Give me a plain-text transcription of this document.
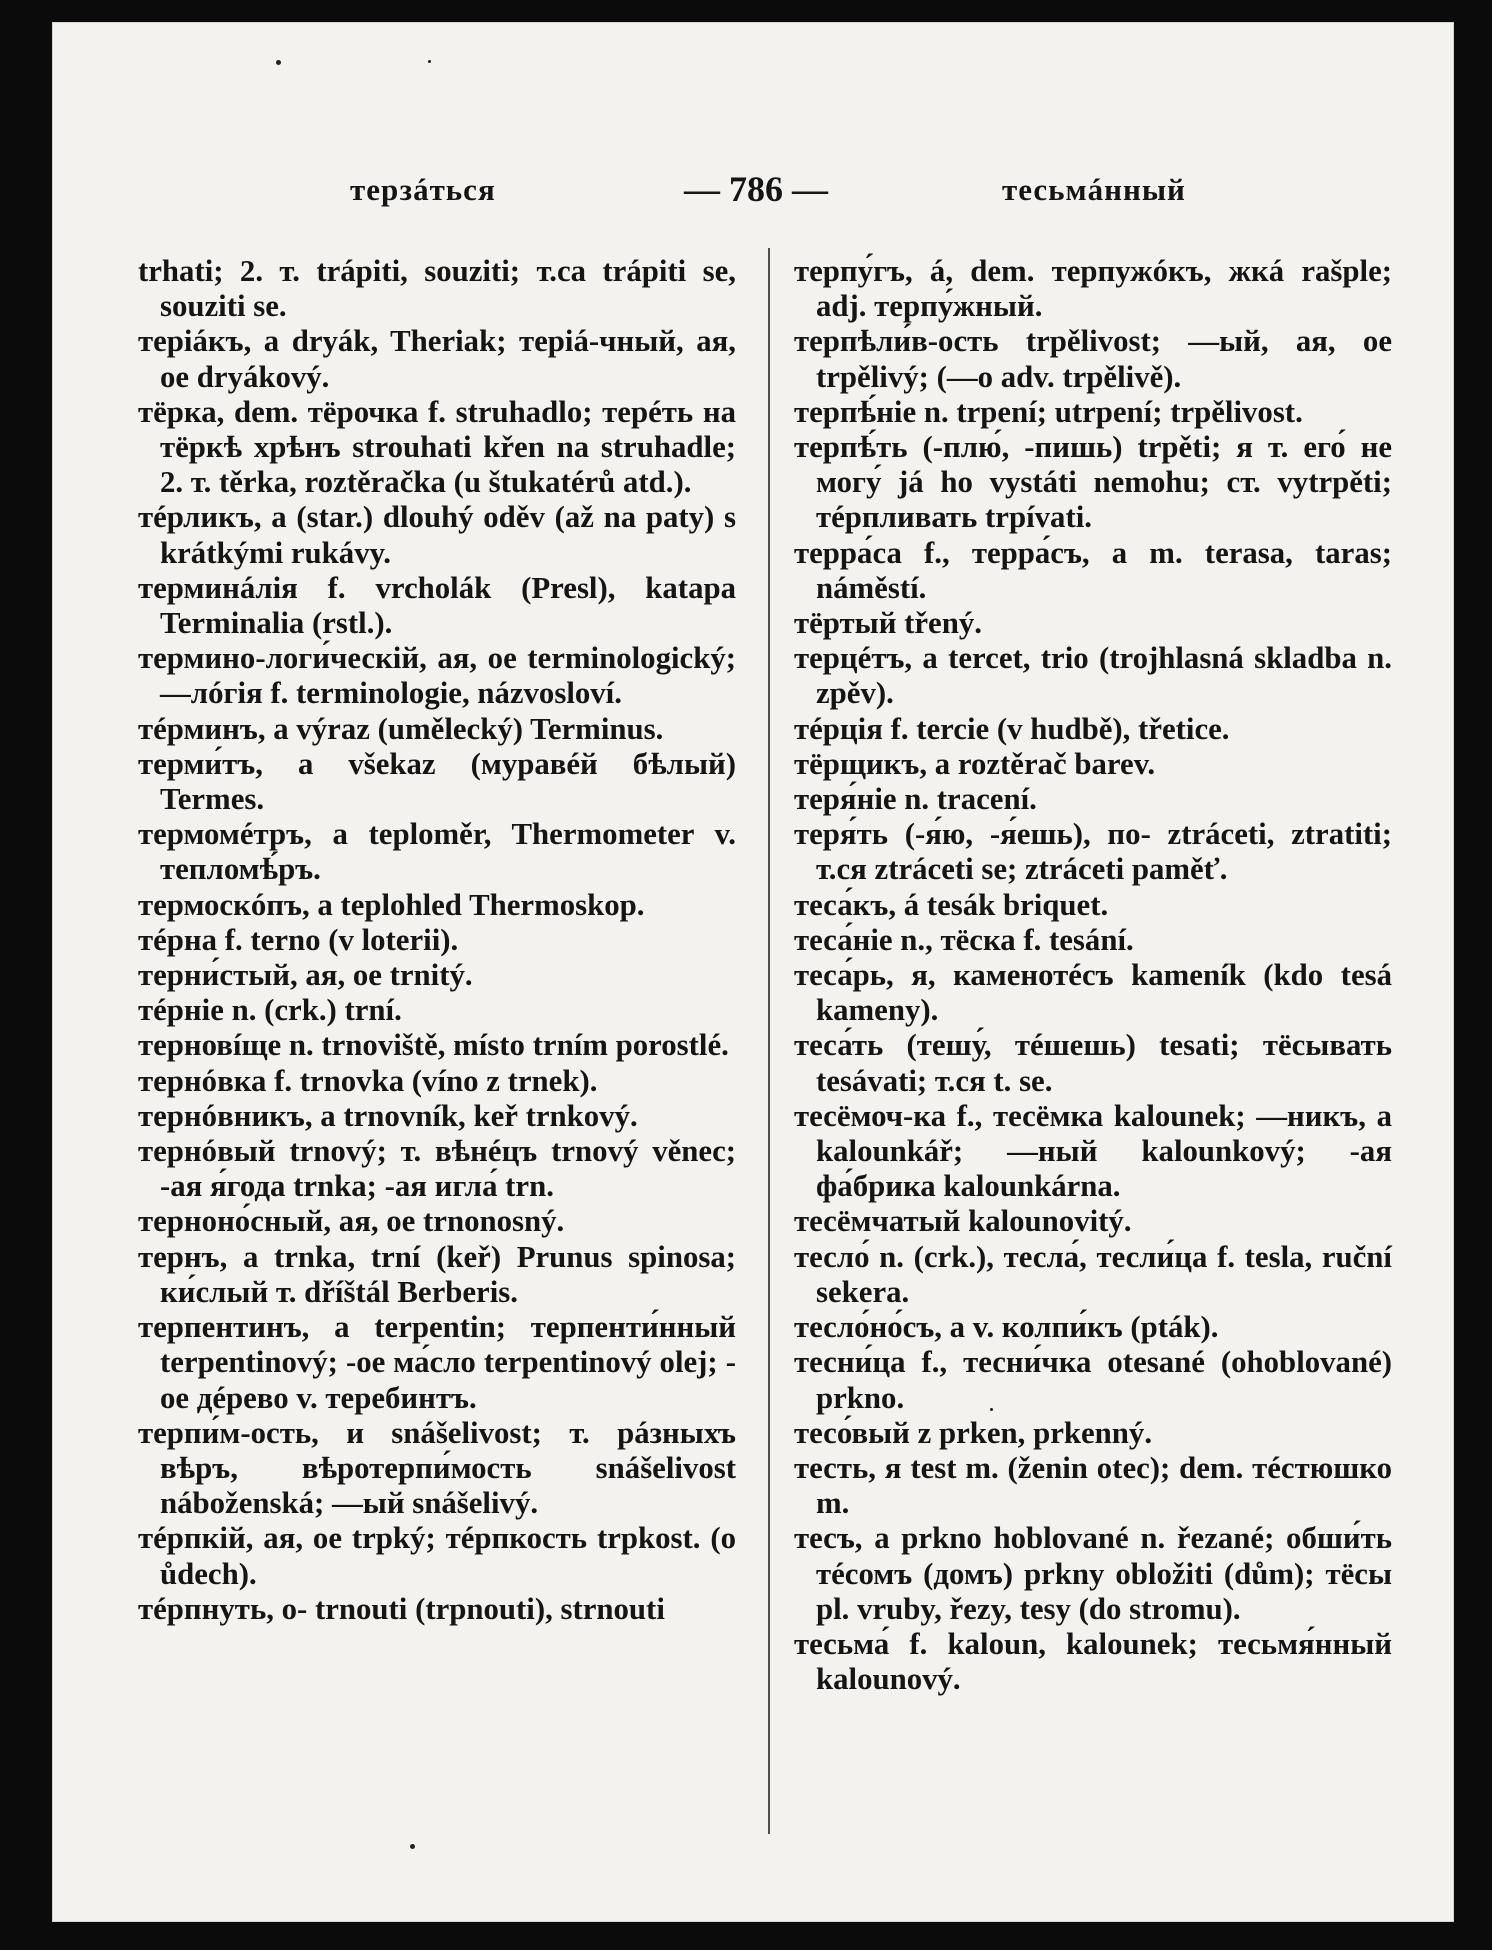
терзáться	— 786 —	тесьмáнный

trhati; 2. т. trápiti, souziti; т.ca trápiti se, souziti se.

теріáкъ, a dryák, Theriak; теріá-чный, ая, oe dryákový.

тёрка, dem. тёрочка f. struhadlo; терéть на тёркѣ хрѣнъ strouhati křen na struhadle; 2. т. těrka, roztěračka (u štukatérů atd.).

тéрликъ, a (star.) dlouhý oděv (až na paty) s krátkými rukávy.

терминáлія f. vrcholák (Presl), katapa Terminalia (rstl.).

термино-логи́ческій, ая, oe terminologický; —лóгія f. terminologie, názvosloví.

тéрминъ, a výraz (umělecký) Terminus.

терми́тъ, a všekaz (муравéй бѣлый) Termes.

термомéтръ, a teploměr, Thermometer v. тепломѣ́ръ.

термоскóпъ, a teplohled Thermoskop.

тéрна f. terno (v loterii).

терни́стый, ая, oe trnitý.

тéрніе n. (crk.) trní.

терновíще n. trnoviště, místo trním porostlé.

тернóвка f. trnovka (víno z trnek).

тернóвникъ, a trnovník, keř trnkový.

тернóвый trnový; т. вѣнéцъ trnový věnec; -ая я́года trnka; -ая игла́ trn.

терноно́сный, ая, oe trnonosný.

тернъ, a trnka, trní (keř) Prunus spinosa; ки́слый т. dříštál Berberis.

терпентинъ, a terpentin; терпенти́нный terpentinový; -oe ма́сло terpentinový olej; -oe дéрево v. теребинтъ.

терпи́м-ость, и snášelivost; т. páзныхъ вѣръ, вѣротерпи́мость snášelivost náboženská; —ый snášelivý.

тéрпкій, ая, oe trpký; тéрпкость trpkost. (o ůdech).

тéрпнуть, o- trnouti (trpnouti), strnouti

терпу́гъ, á, dem. терпужóкъ, жкá rašple; adj. терпу́жный.

терпѣли́в-ость trpělivost; —ый, ая, oe trpělivý; (—o adv. trpělivě).

терпѣ́ніе n. trpení; utrpení; trpělivost.

терпѣ́ть (-плю́, -пишь) trpěti; я т. его́ не могу́ já ho vystáti nemohu; ст. vytrpěti; тéрпливать trpívati.

терра́са f., терра́съ, a m. terasa, taras; náměstí.

тёртый třený.

терцéтъ, a tercet, trio (trojhlasná skladba n. zpěv).

тéрція f. tercie (v hudbě), třetice.

тёрщикъ, a roztěrač barev.

теря́ніе n. tracení.

теря́ть (-я́ю, -я́ешь), по- ztráceti, ztratiti; т.ся ztráceti se; ztráceti paměť.

теса́къ, á tesák briquet.

теса́ніе n., тёска f. tesání.

теса́рь, я, каменотéсъ kameník (kdo tesá kameny).

теса́ть (тешу́, тéшешь) tesati; тёсывать tesávati; т.ся t. se.

тесёмоч-ка f., тесёмка kalounek; —никъ, a kalounkář; —ный kalounkový; -ая фа́брика kalounkárna.

тесёмчатый kalounovitý.

тесло́ n. (crk.), тесла́, тесли́ца f. tesla, ruční sekera.

тесло́но́съ, a v. колпи́къ (pták).

тесни́ца f., тесни́чка otesané (ohoblované) prkno.

тесо́вый z prken, prkenný.

тесть, я test m. (ženin otec); dem. тéстюшко m.

тесъ, a prkno hoblované n. řezané; обши́ть тéсомъ (домъ) prkny obložiti (dům); тёсы pl. vruby, řezy, tesy (do stromu).

тесьма́ f. kaloun, kalounek; тесьмя́нный kalounový.
